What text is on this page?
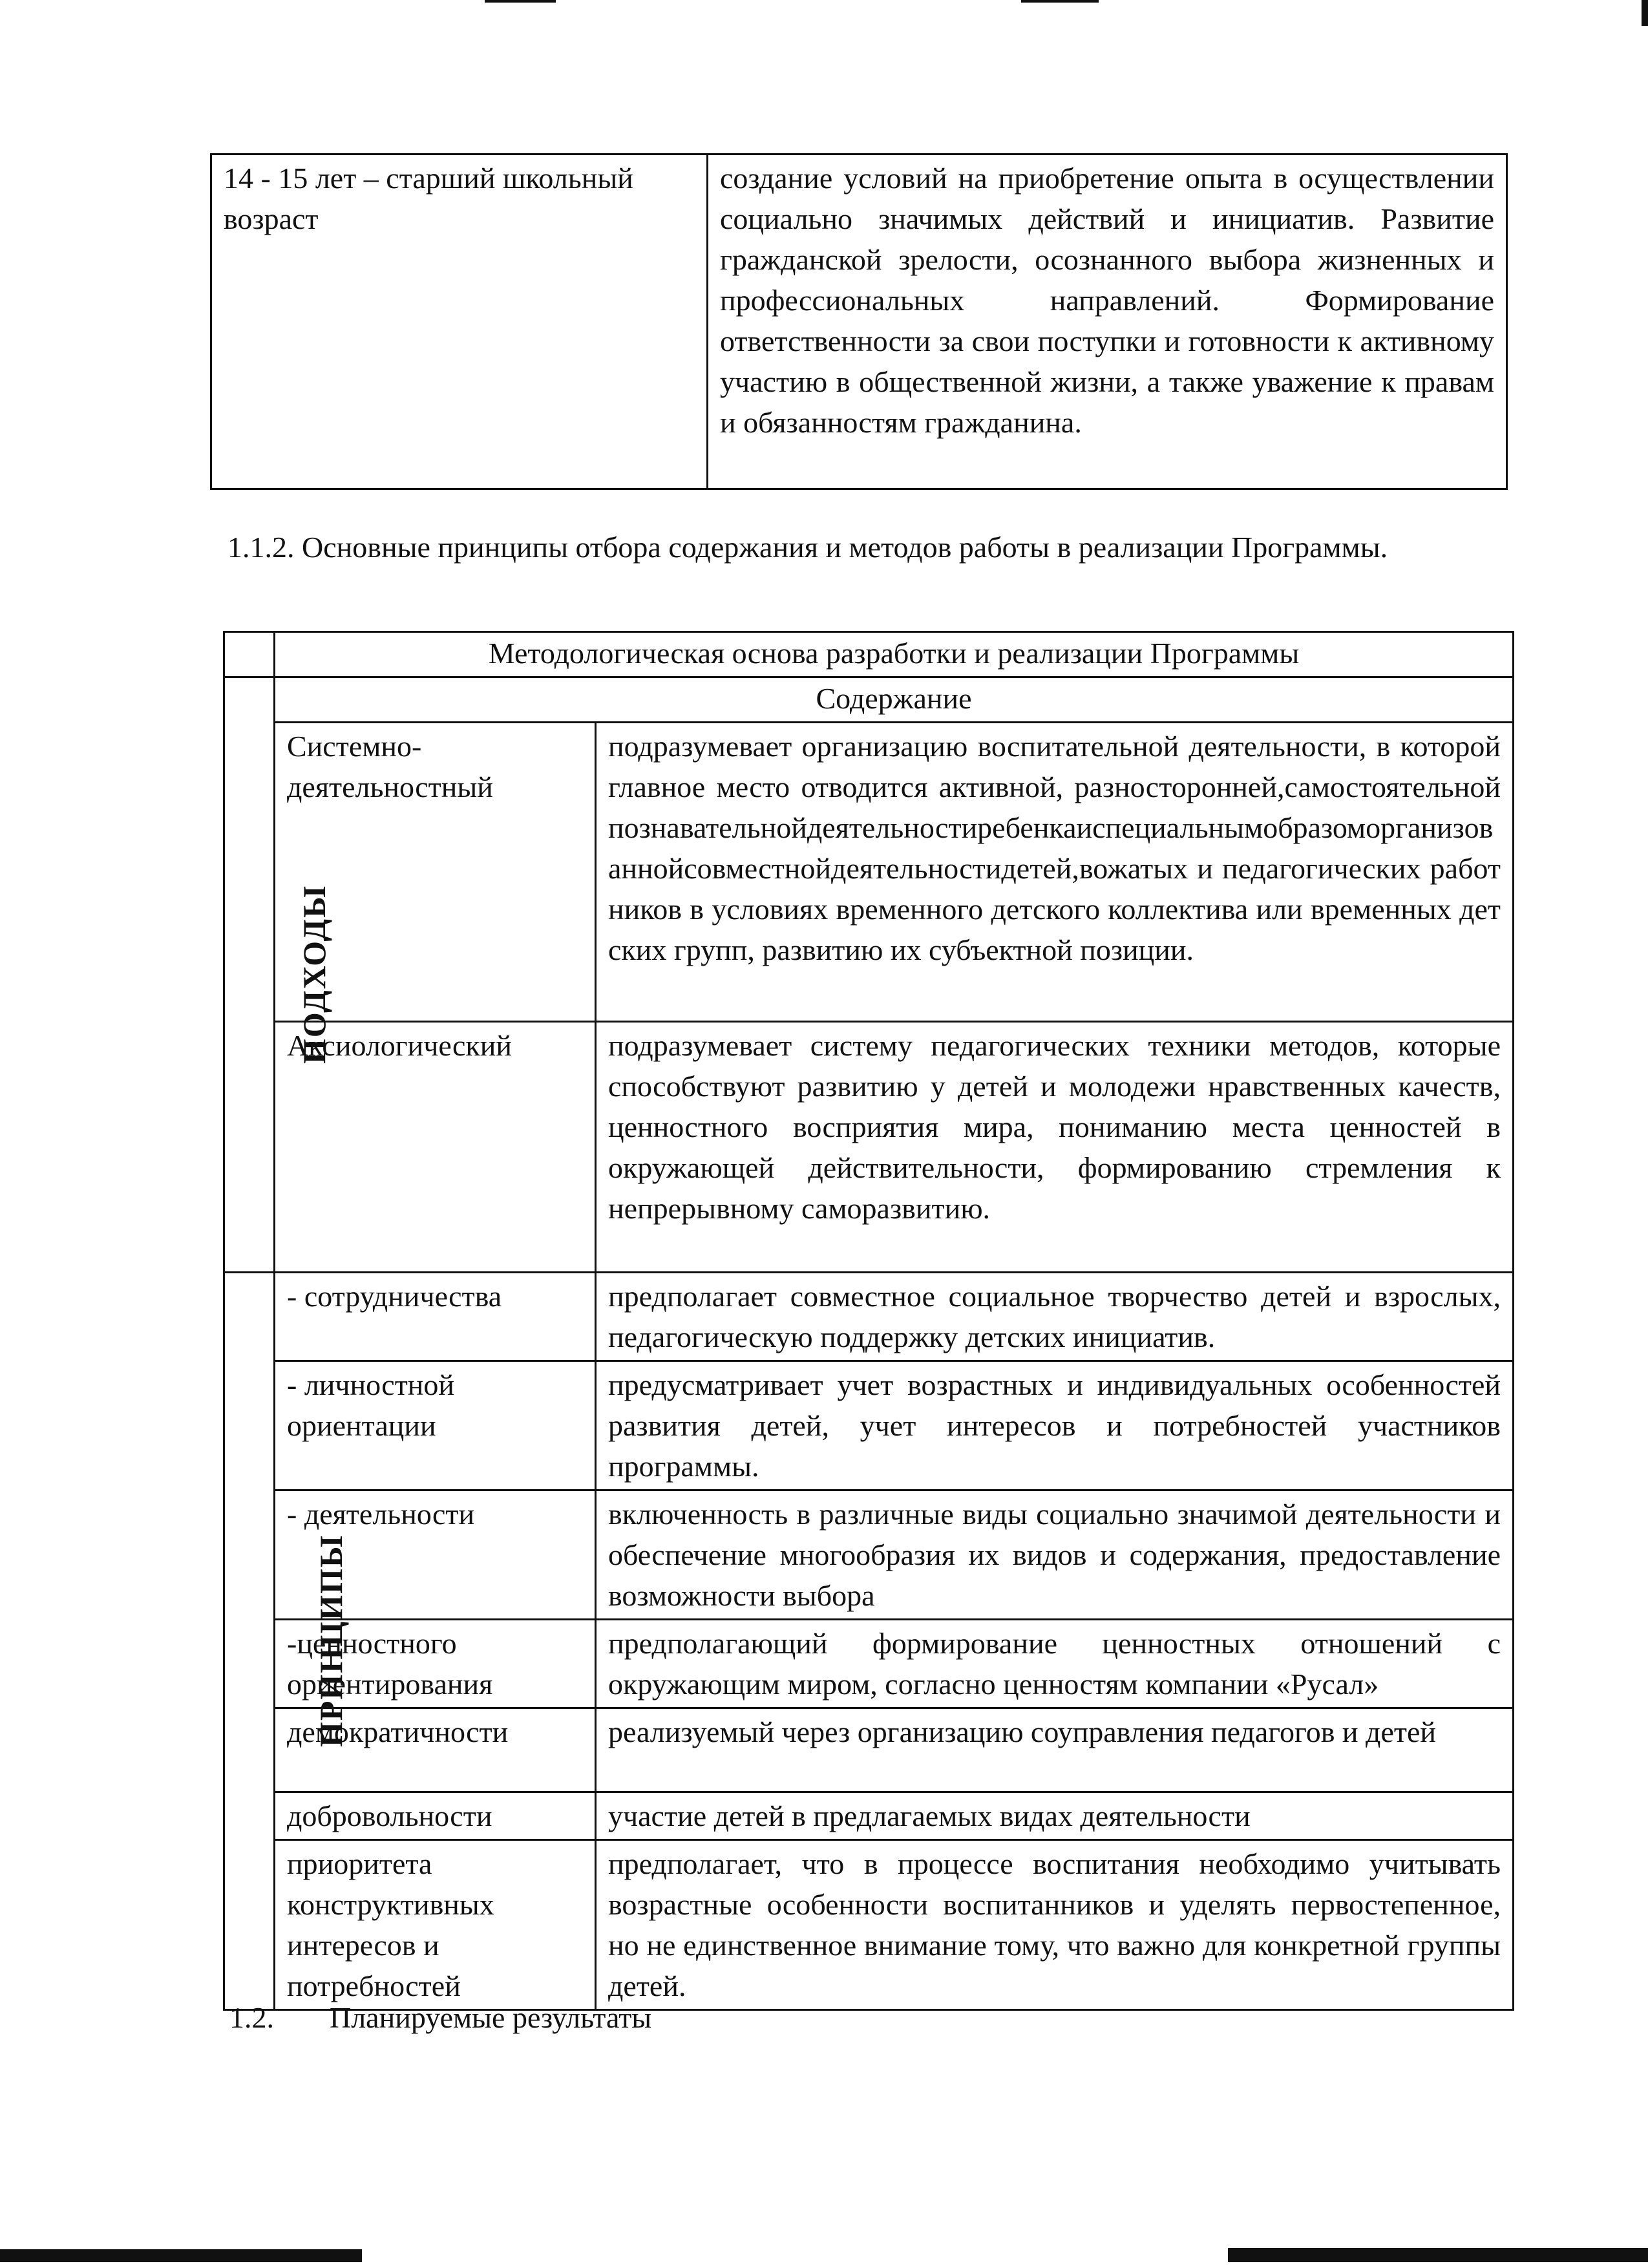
14 - 15 лет – старший школьный возраст	создание условий на приобретение опыта в осуществлении социально значимых действий и инициатив. Развитие гражданской зрелости, осознанного выбора жизненных и профессиональных направлений. Формирование ответственности за свои поступки и готовности к активному участию в общественной жизни, а также уважение к правам и обязанностям гражданина.
1.1.2. Основные принципы отбора содержания и методов работы в реализации Программы.
	Методологическая основа разработки и реализации Программы	
ПОДХОДЫ	Содержание	
	Системно-деятельностный	подразумевает организацию воспитательной деятельности, в которой главное место отводится активной, разносторонней,самостоятельнойпознавательнойдеятельностиребенкаиспециальнымобразоморганизованнойсовместнойдеятельностидетей,вожатых и педагогических работников в условиях временного детского коллектива или временных детских групп, развитию их субъектной позиции.
	Аксиологический	подразумевает систему педагогических техники методов, которые способствуют развитию у детей и молодежи нравственных качеств, ценностного восприятия мира, пониманию места ценностей в окружающей действительности, формированию стремления к непрерывному саморазвитию.
ПРИНЦИПЫ	- сотрудничества	предполагает совместное социальное творчество детей и взрослых, педагогическую поддержку детских инициатив.
	- личностной ориентации	предусматривает учет возрастных и индивидуальных особенностей развития детей, учет интересов и потребностей участников программы.
	- деятельности	включенность в различные виды социально значимой деятельности и обеспечение многообразия их видов и содержания, предоставление возможности выбора
	-ценностного ориентирования	предполагающий формирование ценностных отношений с окружающим миром, согласно ценностям компании «Русал»
	демократичности	реализуемый через организацию соуправления педагогов и детей
	добровольности	участие детей в предлагаемых видах деятельности
	приоритета конструктивных интересов и потребностей	предполагает, что в процессе воспитания необходимо учитывать возрастные особенности воспитанников и уделять первостепенное, но не единственное внимание тому, что важно для конкретной группы детей.
1.2. Планируемые результаты
